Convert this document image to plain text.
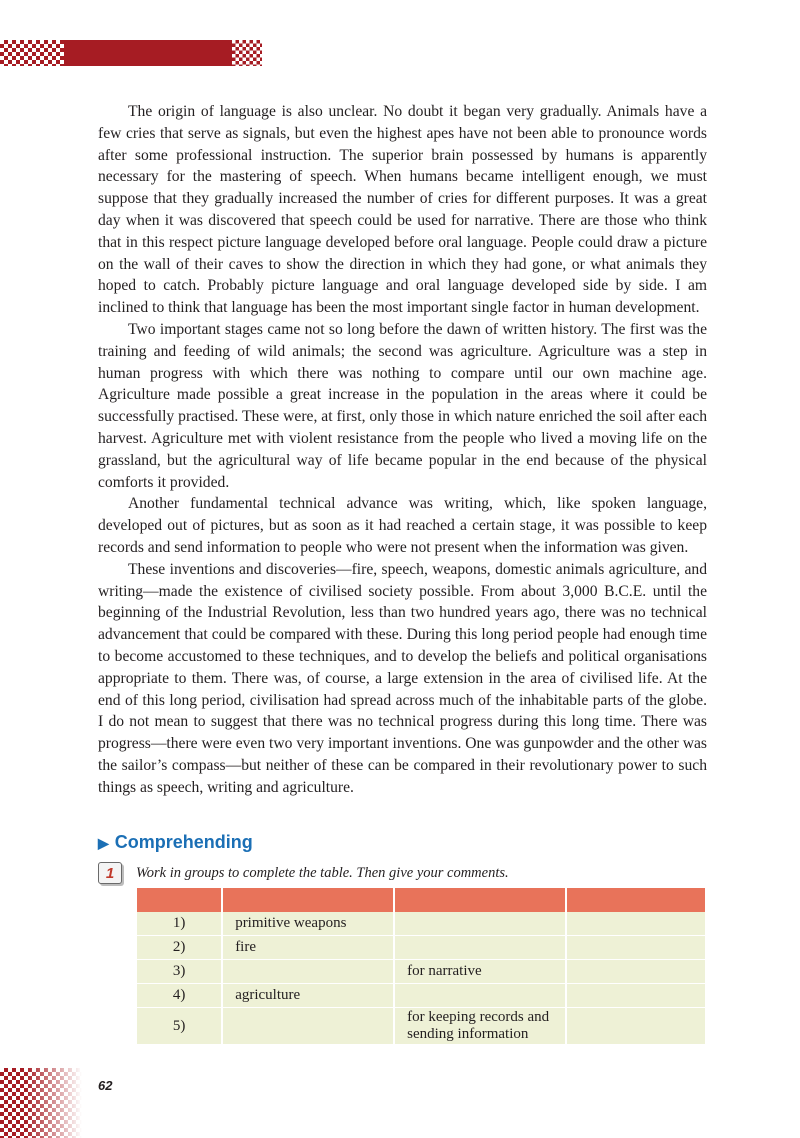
The origin of language is also unclear. No doubt it began very gradually. Animals have a few cries that serve as signals, but even the highest apes have not been able to pronounce words after some professional instruction. The superior brain possessed by humans is apparently necessary for the mastering of speech. When humans became intelligent enough, we must suppose that they gradually increased the number of cries for different purposes. It was a great day when it was discovered that speech could be used for narrative. There are those who think that in this respect picture language developed before oral language. People could draw a picture on the wall of their caves to show the direction in which they had gone, or what animals they hoped to catch. Probably picture language and oral language developed side by side. I am inclined to think that language has been the most important single factor in human development.

Two important stages came not so long before the dawn of written history. The first was the training and feeding of wild animals; the second was agriculture. Agriculture was a step in human progress with which there was nothing to compare until our own machine age. Agriculture made possible a great increase in the population in the areas where it could be successfully practised. These were, at first, only those in which nature enriched the soil after each harvest. Agriculture met with violent resistance from the people who lived a moving life on the grassland, but the agricultural way of life became popular in the end because of the physical comforts it provided.

Another fundamental technical advance was writing, which, like spoken language, developed out of pictures, but as soon as it had reached a certain stage, it was possible to keep records and send information to people who were not present when the information was given.

These inventions and discoveries—fire, speech, weapons, domestic animals agriculture, and writing—made the existence of civilised society possible. From about 3,000 B.C.E. until the beginning of the Industrial Revolution, less than two hundred years ago, there was no technical advancement that could be compared with these. During this long period people had enough time to become accustomed to these techniques, and to develop the beliefs and political organisations appropriate to them. There was, of course, a large extension in the area of civilised life. At the end of this long period, civilisation had spread across much of the inhabitable parts of the globe. I do not mean to suggest that there was no technical progress during this long time. There was progress—there were even two very important inventions. One was gunpowder and the other was the sailor’s compass—but neither of these can be compared in their revolutionary power to such things as speech, writing and agriculture.

▶ Comprehending
1 Work in groups to complete the table. Then give your comments.

1)	primitive weapons		
2)	fire		
3)		for narrative	
4)	agriculture		
5)		for keeping records and sending information	
62
